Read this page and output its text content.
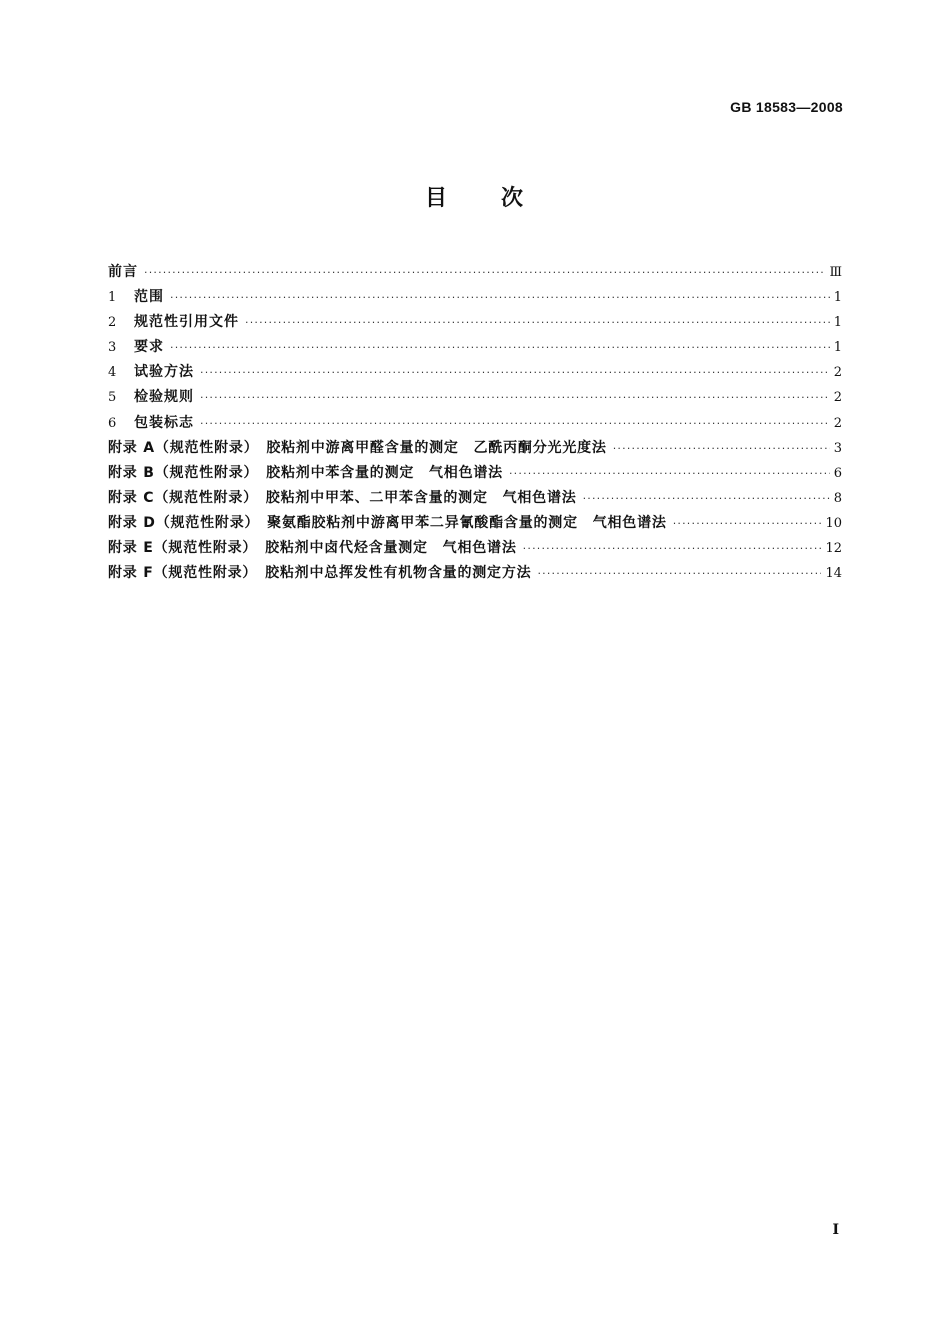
GB 18583—2008
目 次
前言 ·····	Ⅲ
1	范围 ·····	1
2	规范性引用文件 ·····	1
3	要求 ·····	1
4	试验方法 ·····	2
5	检验规则 ·····	2
6	包装标志 ·····	2
附录 A（规范性附录）　 胶粘剂中游离甲醛含量的测定　乙酰丙酮分光光度法 ·····	3
附录 B（规范性附录）　 胶粘剂中苯含量的测定　气相色谱法 ·····	6
附录 C（规范性附录）　 胶粘剂中甲苯、二甲苯含量的测定　气相色谱法 ·····	8
附录 D（规范性附录）　 聚氨酯胶粘剂中游离甲苯二异氰酸酯含量的测定　气相色谱法 ·····	10
附录 E（规范性附录）　 胶粘剂中卤代烃含量测定　气相色谱法 ·····	12
附录 F（规范性附录）　 胶粘剂中总挥发性有机物含量的测定方法 ·····	14
I
